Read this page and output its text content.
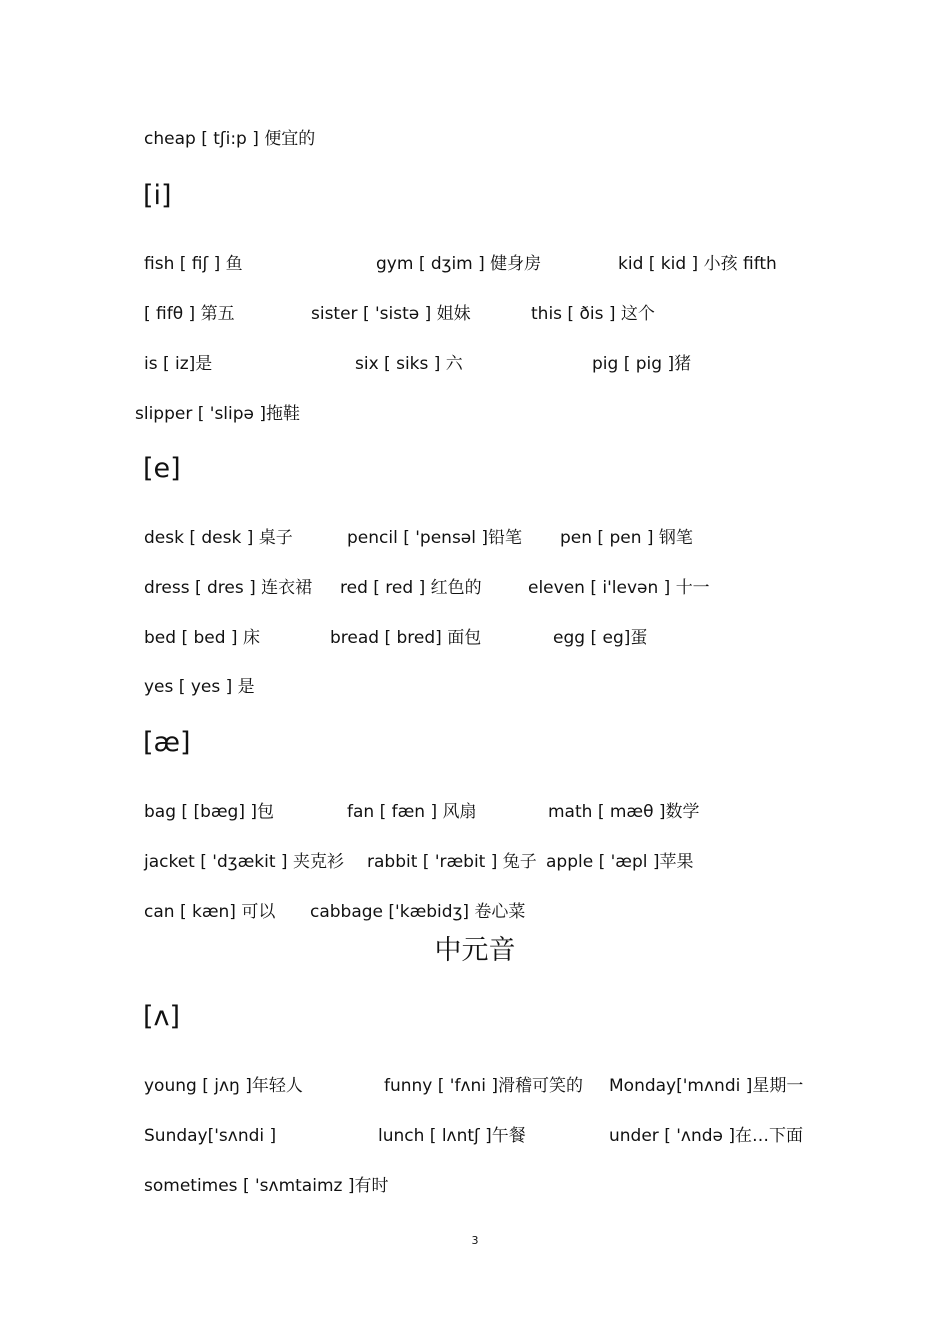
cheap [ tʃi:p ] 便宜的
[i]
fish [ fiʃ ] 鱼	gym [ dʒim ] 健身房	kid [ kid ] 小孩 fifth
[ fifθ ] 第五	sister [ 'sistə ] 姐妹	this [ ðis ] 这个
is [ iz]是	six [ siks ] 六	pig [ pig ]猪
slipper [ 'slipə ]拖鞋
[e]
desk [ desk ] 桌子	pencil [ 'pensəl ]铅笔 pen [ pen ] 钢笔
dress [ dres ] 连衣裙 red [ red ] 红色的	eleven [ i'levən ] 十一
bed [ bed ] 床	bread [ bred] 面包	egg [ eg]蛋
yes [ yes ] 是
[æ]
bag [ [bæg] ]包	fan [ fæn ] 风扇	math [ mæθ ]数学
jacket [ 'dʒækit ] 夹克衫 rabbit [ 'ræbit ] 兔子 apple [ 'æpl ]苹果
can [ kæn] 可以 cabbage ['kæbidʒ] 卷心菜
中元音
[ʌ]
young [ jʌŋ ]年轻人	funny [ 'fʌni ]滑稽可笑的 Monday['mʌndi ]星期一
Sunday['sʌndi ]	lunch [ lʌntʃ ]午餐	under [ 'ʌndə ]在…下面
sometimes [ 'sʌmtaimz ]有时
3
